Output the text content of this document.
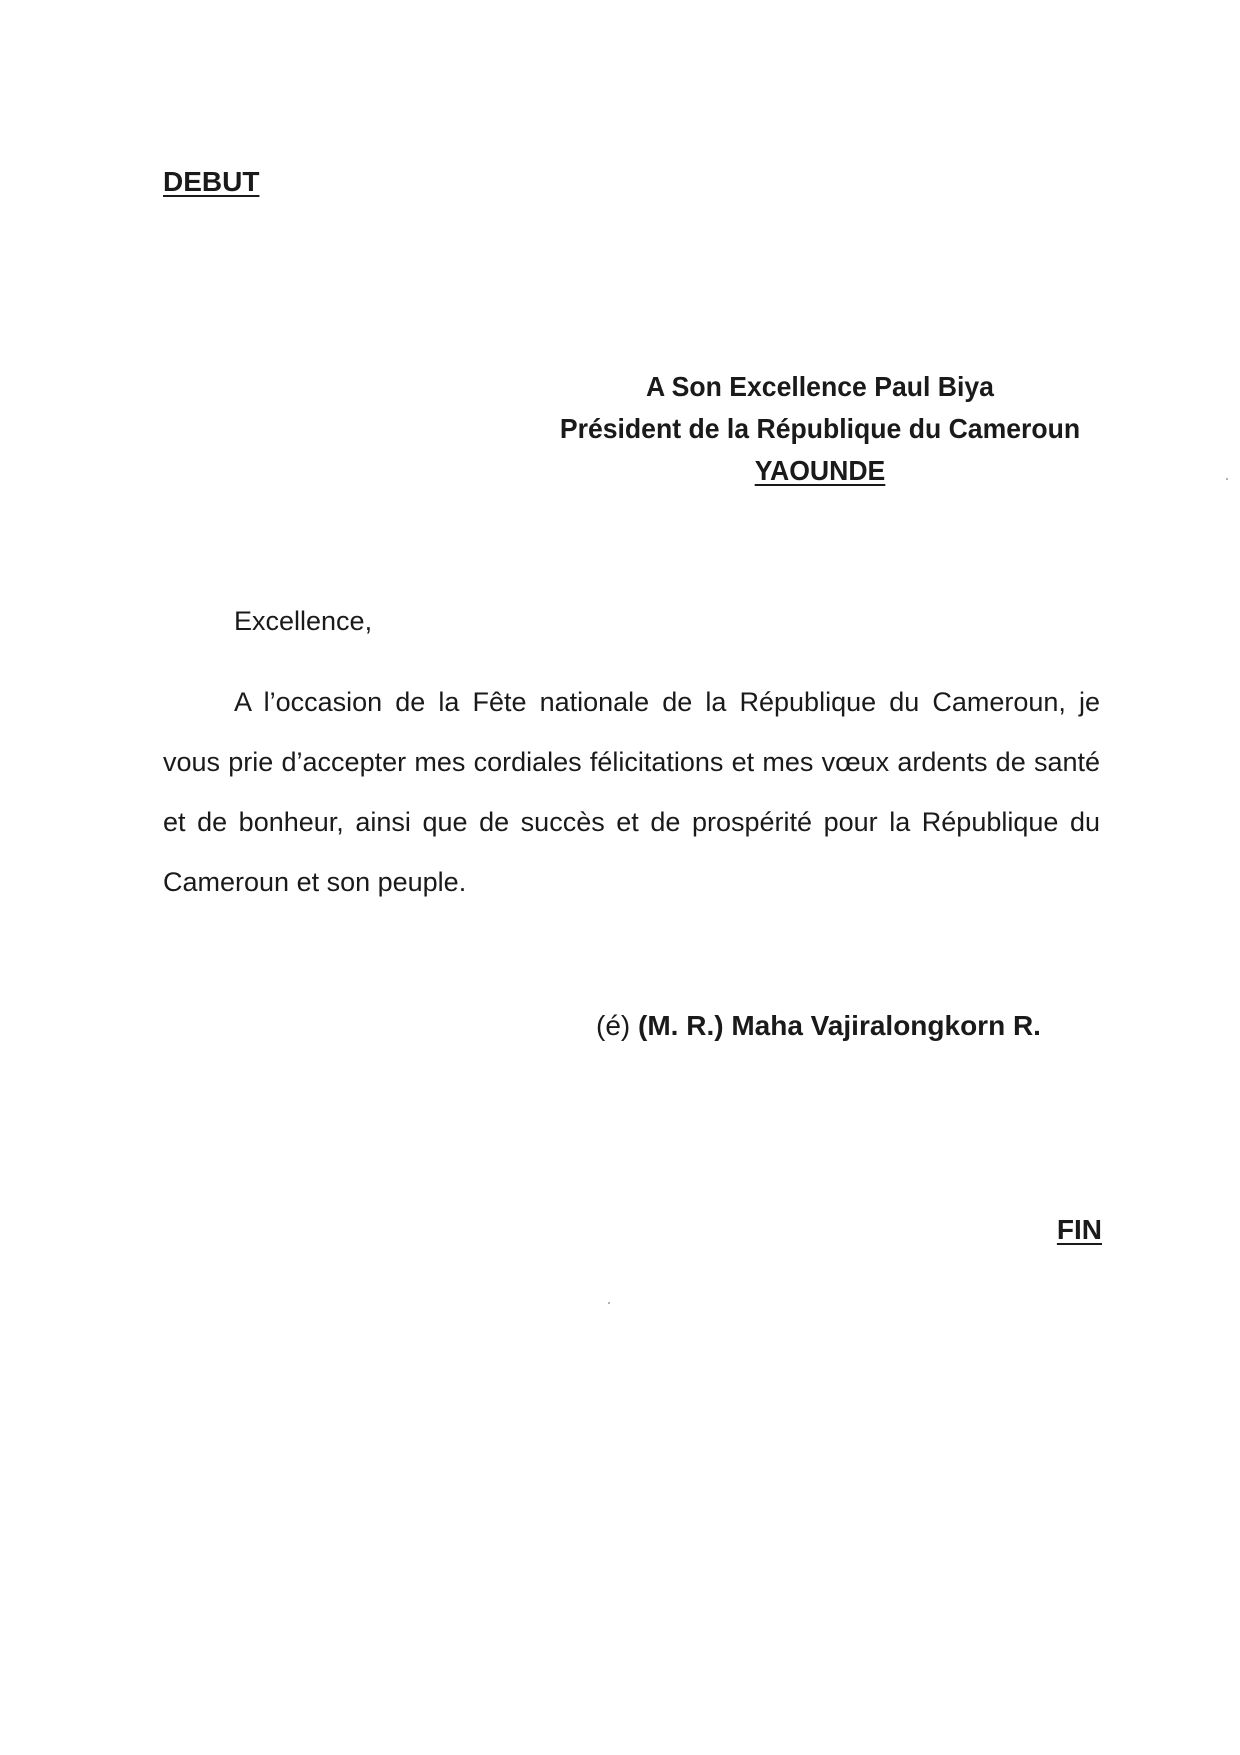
DEBUT
A Son Excellence Paul Biya
Président de la République du Cameroun
YAOUNDE
Excellence,
A l’occasion de la Fête nationale de la République du Cameroun, je vous prie d’accepter mes cordiales félicitations et mes vœux ardents de santé et de bonheur, ainsi que de succès et de prospérité pour la République du Cameroun et son peuple.
(é) (M. R.) Maha Vajiralongkorn R.
FIN
